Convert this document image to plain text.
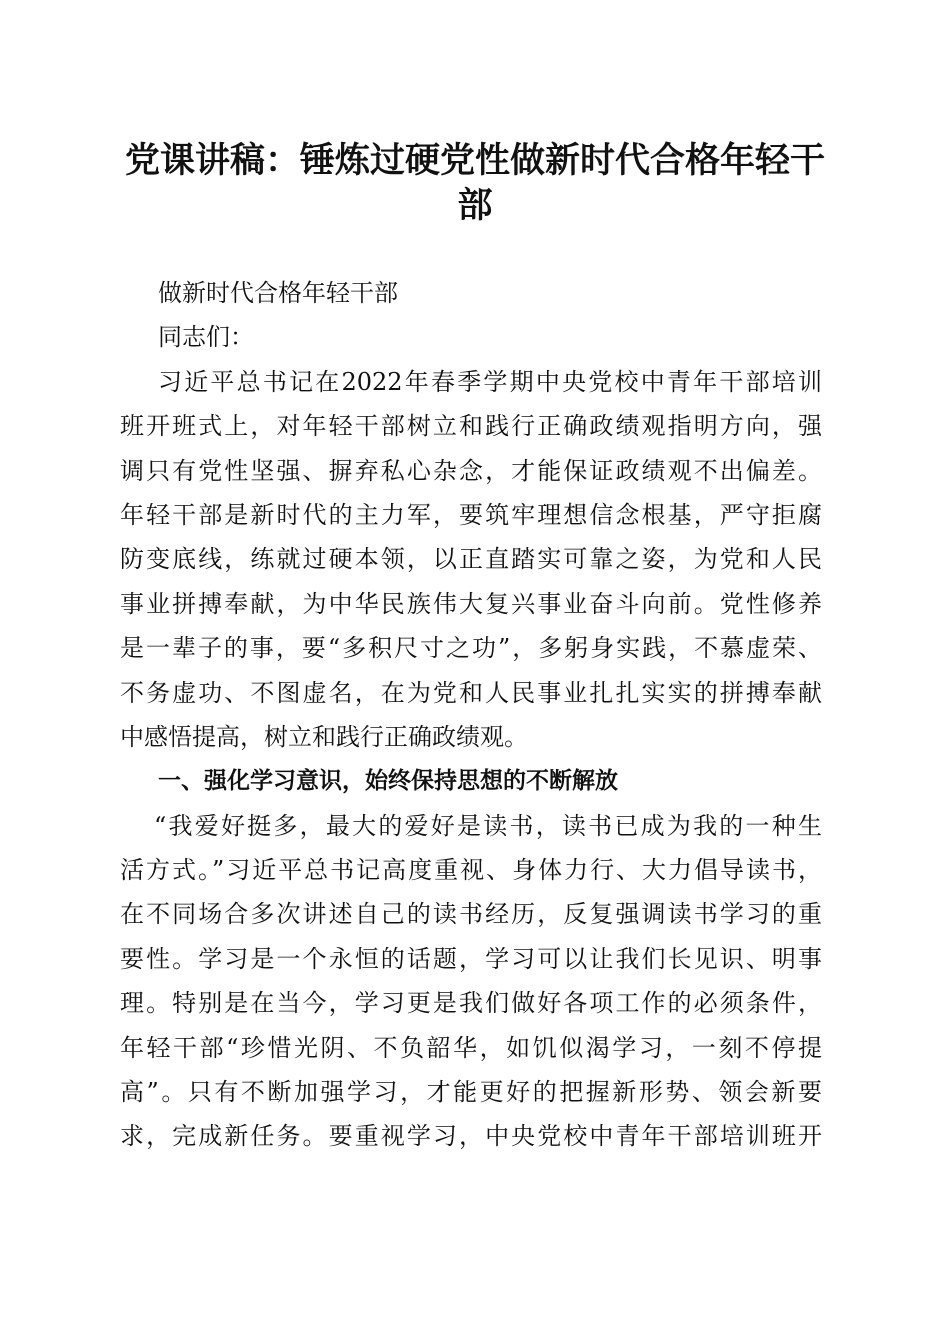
党课讲稿：锤炼过硬党性做新时代合格年轻干
部
做新时代合格年轻干部
同志们：
习近平总书记在2022年春季学期中央党校中青年干部培训
班开班式上，对年轻干部树立和践行正确政绩观指明方向，强
调只有党性坚强、摒弃私心杂念，才能保证政绩观不出偏差。
年轻干部是新时代的主力军，要筑牢理想信念根基，严守拒腐
防变底线，练就过硬本领，以正直踏实可靠之姿，为党和人民
事业拼搏奉献，为中华民族伟大复兴事业奋斗向前。党性修养
是一辈子的事，要“多积尺寸之功”，多躬身实践，不慕虚荣、
不务虚功、不图虚名，在为党和人民事业扎扎实实的拼搏奉献
中感悟提高，树立和践行正确政绩观。
一、强化学习意识，始终保持思想的不断解放
“我爱好挺多，最大的爱好是读书，读书已成为我的一种生
活方式。”习近平总书记高度重视、身体力行、大力倡导读书，
在不同场合多次讲述自己的读书经历，反复强调读书学习的重
要性。学习是一个永恒的话题，学习可以让我们长见识、明事
理。特别是在当今，学习更是我们做好各项工作的必须条件，
年轻干部“珍惜光阴、不负韶华，如饥似渴学习，一刻不停提
高”。只有不断加强学习，才能更好的把握新形势、领会新要
求，完成新任务。要重视学习，中央党校中青年干部培训班开
